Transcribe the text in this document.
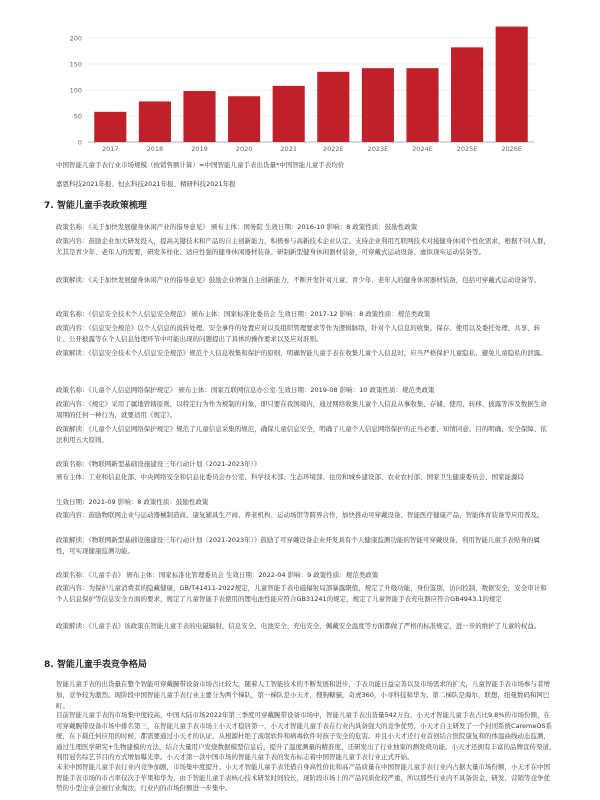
0
50
100
150
200
2017	2018	2019	2020	2021	2022E	2023E	2024E	2025E	2026E
中国智能儿童手表行业市场规模（按销售额计算）=中国智能儿童手表出货量*中国智能儿童手表均价
嘉恩科技2021年报、恒玄科技2021年报、精研科技2021年报
7. 智能儿童手表政策梳理
政策名称：《关于加快发展健身休闲产业的指导意见》 颁布主体：国务院 生效日期：2016-10 影响：8 政策性质：鼓励性政策
政策内容：鼓励企业加大研发投入，提高关键技术和产品的自主创新能力，积极参与高新技术企业认定。支持企业利用互联网技术对接健身休闲个性化需求，根据不同人群，尤其是青少年、老年人的需要，研发多样化、适应性强的健身休闲器材装备。研制新型健身休闲器材装备，可穿戴式运动设备、虚拟现实运动装备等。
政策解读：《关于加快发展健身休闲产业的指导意见》鼓励企业增强自主创新能力，不断开发针对儿童、青少年、老年人的健身休闲器材装备，包括可穿戴式运动设备等。
政策名称：《信息安全技术个人信息安全规范》 颁布主体：国家标准化委员会 生效日期：2017-12 影响：8 政策性质：规范类政策
政策内容：《信息安全规范》以个人信息的流转处理、安全事件的处置应对以及组织管理要求等作为逻辑脉络，针对个人信息的收集、保存、使用以及委托处理、共享、转让、公开披露等在个人信息处理环节中可能出现的问题提出了具体的操作要求以及应对准则。
政策解读：《信息安全技术个人信息安全规范》规范个人信息收集和保护的原则，明确智能儿童手表在收集儿童个人信息时，应当严格保护儿童隐私，避免儿童隐私的泄露。
政策名称：《儿童个人信息网络保护规定》 颁布主体：国家互联网信息办公室 生效日期：2019-08 影响：10 政策性质：规范类政策
政策内容：《规定》采用了属地管辖原则，以特定行为作为规制的对象，即只要在我国境内，通过网络收集儿童个人信息从事收集、存储、使用、转移、披露等涉及数据生命周期的任何一种行为，就要适用《规定》。
政策解读：《儿童个人信息网络保护规定》规范了儿童信息采集的规范，确保儿童信息安全，明确了儿童个人信息网络保护的正当必要、知情同意、目的明确、安全保障、依法利用五大原则。
政策名称：《物联网新型基础设施建设三年行动计划（2021-2023年）》
颁布主体：工业和信息化部、中央网络安全和信息化委员会办公室、科学技术部、生态环境部、住房和城乡建设部、农业农村部、国家卫生健康委员会、国家能源局
生效日期：2021-09 影响：8 政策性质：鼓励性政策
政策内容：鼓励物联网企业与运动器械制造商、康复辅具生产商、养老机构、运动场馆等跨界合作，加快推动可穿戴设备、智能医疗健康产品、智能体育装备等应用普及。
政策解读：《物联网新型基础设施建设三年行动计划（2021-2023年）》鼓励了可穿戴设备企业开发具有个人健康监测功能的智能可穿戴设备，利用智能儿童手表贴身的属性，可实现健康监测功能。
政策名称：《儿童手表》 颁布主体：国家标准化管理委员会 生效日期：2022-04 影响：9 政策性质：规范类政策
政策内容：为保护儿童消费者的隐藏健康，GB/T41411-2022规定，儿童智能手表电磁辐射局部暴露限值，规定了升级功能，身份鉴别，访问控制，数据安全，安全审计和个人信息保护等信息安全方面的要求，规定了儿童智能手表使用的锂电池性能应符合GB31241的规定，规定了儿童智能手表充电器应符合GB4943.1的规定
政策解读：《儿童手表》该政策在智能儿童手表的电磁辐射、信息安全、电池安全、充电安全、佩戴安全温度等方面都做了严格的标准规定，进一步的维护了儿童的权益。
8. 智能儿童手表竞争格局
智能儿童手表的出货量在整个智能可穿戴腕带设备市场占比较大，随着人工智能技术的不断发展和进步，手表功能日益完善以及市场需求的扩大，儿童智能手表市场参与者增加，竞争较为激烈。现阶段中国智能儿童手表行业主要分为两个梯队，第一梯队是小天才，搜狗糖猫，奇虎360，小寻科技和华为。第二梯队是海尔，联想，纽曼数码和阿巴町。
目前智能儿童手表的市场集中度较高，中国大陆市场2022年第三季度可穿戴腕带设备市场中，智能儿童手表出货量542万台，小天才智能儿童手表占比9.8%的市场份额，在可穿戴腕带设备市场中排名第三，在智能儿童手表市场上小天才稳居第一，小天才智能儿童手表在行业内具备强大的竞争优势，小天才自主研发了一个封闭系统CaremeOS系统，在下载任何应用的时候，都需要通过小天才的认证，从根源杜绝了流氓软件和病毒软件对孩子安全的危害。并且小天才还行业首创结合医院康复和的体温曲线动态监测，通过生理医学研究+生物建模的方法，结合大量用户发烧数据模型信息后，提升了温度测量的精准度，还研发出了行业独家的测发烧功能。小天才还拥有丰富的品牌宣传渠道，利用冠名综艺节目的方式增加曝光率。小天才第一款中国市场的智能儿童手表的发布标志着中国智能儿童手表行业正式开始。
未来中国智能儿童手表行业内竞争加剧，市场集中度提升。小天才智能儿童手表凭借自身高性价比和高产品质量在中国智能儿童手表行业内占据大量市场份额，小天才在中国智能手表市场的市占率仅次于苹果和华为。由于智能儿童手表核心技术研发时间较长，现阶段市场上的产品同质化较严重，所以那些行业内不具备资金、研发、营销等竞争优势的小型企业会被行业淘汰，行业内的市场份额进一步集中。
